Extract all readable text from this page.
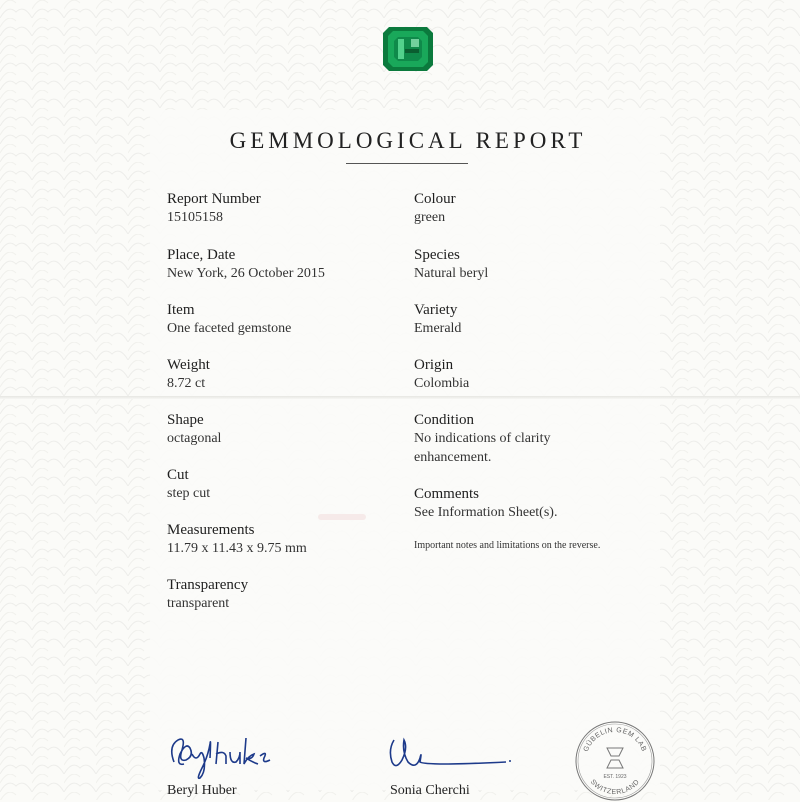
GEMMOLOGICAL REPORT
Report Number
15105158
Place, Date
New York, 26 October 2015
Item
One faceted gemstone
Weight
8.72 ct
Shape
octagonal
Cut
step cut
Measurements
11.79 x 11.43 x 9.75 mm
Transparency
transparent
Colour
green
Species
Natural beryl
Variety
Emerald
Origin
Colombia
Condition
No indications of clarity
enhancement.
Comments
See Information Sheet(s).
Important notes and limitations on the reverse.
Beryl Huber	Sonia Cherchi
GÜBELIN GEM LAB
SWITZERLAND
EST. 1923
